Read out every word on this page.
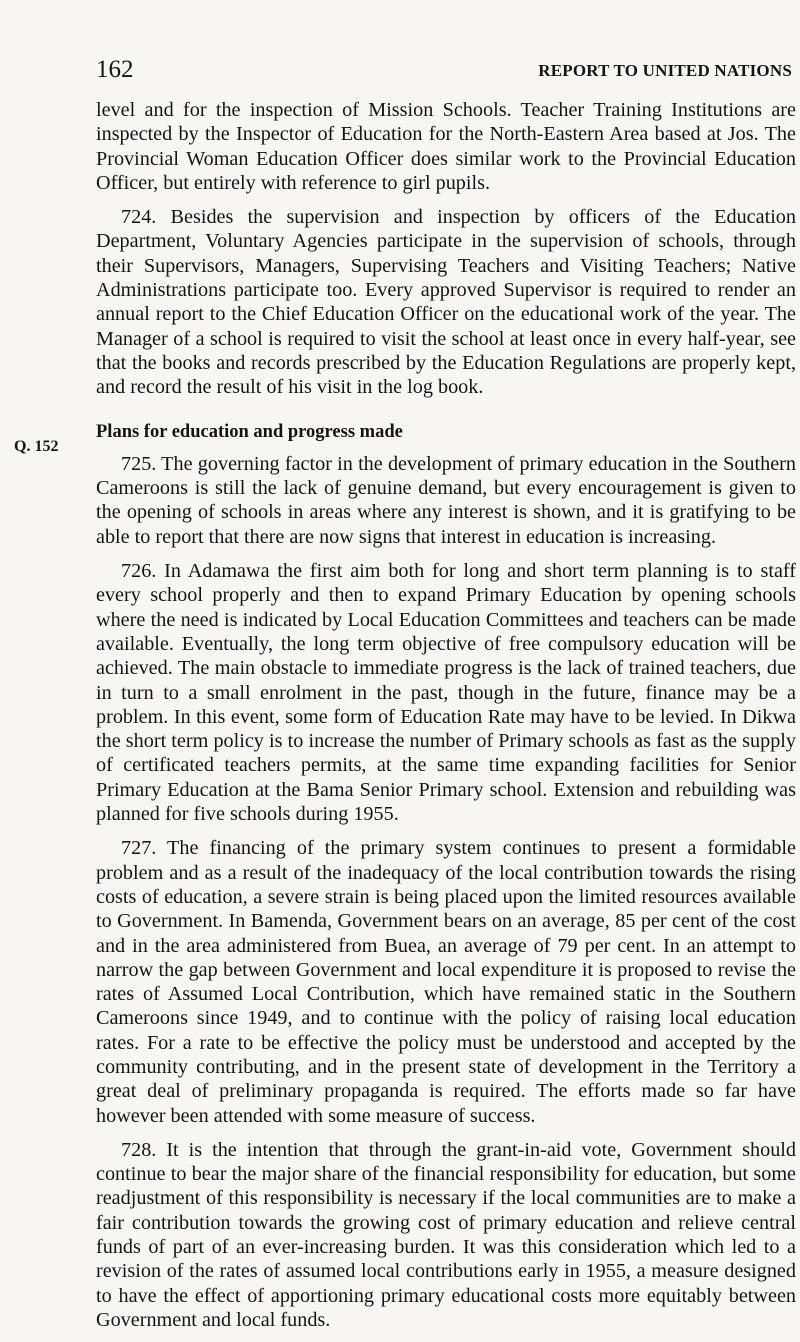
162	REPORT TO UNITED NATIONS
Q. 152

level and for the inspection of Mission Schools. Teacher Training Institutions are inspected by the Inspector of Education for the North-Eastern Area based at Jos. The Provincial Woman Education Officer does similar work to the Provincial Education Officer, but entirely with reference to girl pupils.

724. Besides the supervision and inspection by officers of the Education Department, Voluntary Agencies participate in the supervision of schools, through their Supervisors, Managers, Supervising Teachers and Visiting Teachers; Native Administrations participate too. Every approved Supervisor is required to render an annual report to the Chief Education Officer on the educational work of the year. The Manager of a school is required to visit the school at least once in every half-year, see that the books and records prescribed by the Education Regulations are properly kept, and record the result of his visit in the log book.

Plans for education and progress made

725. The governing factor in the development of primary education in the Southern Cameroons is still the lack of genuine demand, but every encouragement is given to the opening of schools in areas where any interest is shown, and it is gratifying to be able to report that there are now signs that interest in education is increasing.

726. In Adamawa the first aim both for long and short term planning is to staff every school properly and then to expand Primary Education by opening schools where the need is indicated by Local Education Committees and teachers can be made available. Eventually, the long term objective of free compulsory education will be achieved. The main obstacle to immediate progress is the lack of trained teachers, due in turn to a small enrolment in the past, though in the future, finance may be a problem. In this event, some form of Education Rate may have to be levied. In Dikwa the short term policy is to increase the number of Primary schools as fast as the supply of certificated teachers permits, at the same time expanding facilities for Senior Primary Education at the Bama Senior Primary school. Extension and rebuilding was planned for five schools during 1955.

727. The financing of the primary system continues to present a formidable problem and as a result of the inadequacy of the local contribution towards the rising costs of education, a severe strain is being placed upon the limited resources available to Government. In Bamenda, Government bears on an average, 85 per cent of the cost and in the area administered from Buea, an average of 79 per cent. In an attempt to narrow the gap between Government and local expenditure it is proposed to revise the rates of Assumed Local Contribution, which have remained static in the Southern Cameroons since 1949, and to continue with the policy of raising local education rates. For a rate to be effective the policy must be understood and accepted by the community contributing, and in the present state of development in the Territory a great deal of preliminary propaganda is required. The efforts made so far have however been attended with some measure of success.

728. It is the intention that through the grant-in-aid vote, Government should continue to bear the major share of the financial responsibility for education, but some readjustment of this responsibility is necessary if the local communities are to make a fair contribution towards the growing cost of primary education and relieve central funds of part of an ever-increasing burden. It was this consideration which led to a revision of the rates of assumed local contributions early in 1955, a measure designed to have the effect of apportioning primary educational costs more equitably between Government and local funds.
